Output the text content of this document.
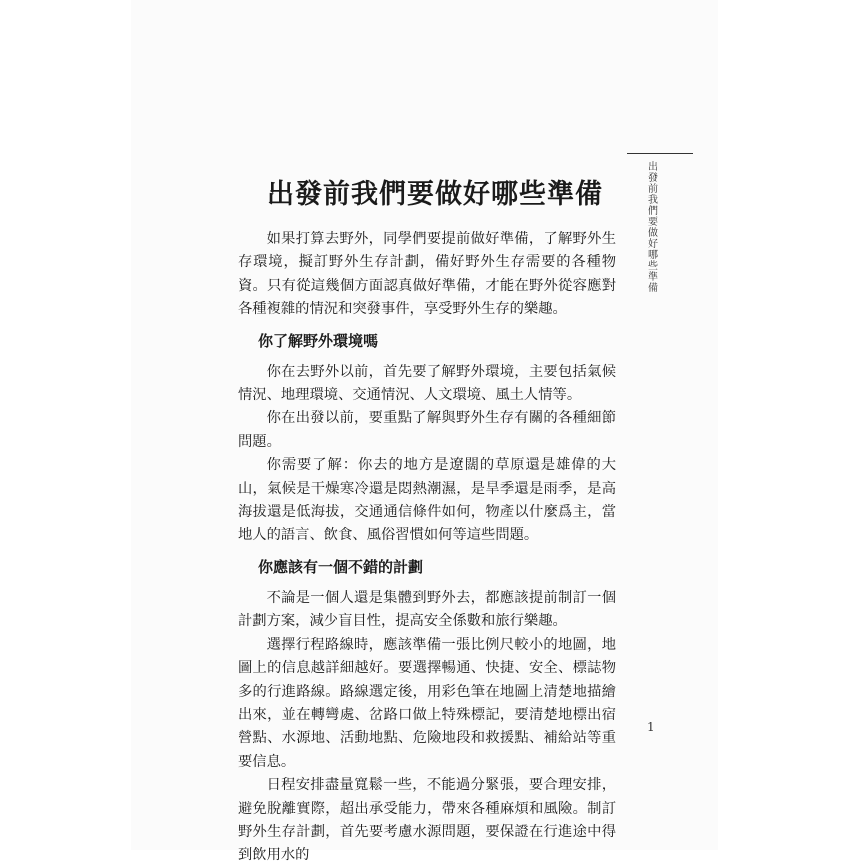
出發前我們要做好哪些準備
1
出發前我們要做好哪些準備

如果打算去野外，同學們要提前做好準備，了解野外生存環境，擬訂野外生存計劃，備好野外生存需要的各種物資。只有從這幾個方面認真做好準備，才能在野外從容應對各種複雜的情況和突發事件，享受野外生存的樂趣。

你了解野外環境嗎

你在去野外以前，首先要了解野外環境，主要包括氣候情況、地理環境、交通情況、人文環境、風土人情等。

你在出發以前，要重點了解與野外生存有關的各種細節問題。

你需要了解：你去的地方是遼闊的草原還是雄偉的大山，氣候是干燥寒冷還是悶熱潮濕，是旱季還是雨季，是高海拔還是低海拔，交通通信條件如何，物產以什麼爲主，當地人的語言、飲食、風俗習慣如何等這些問題。

你應該有一個不錯的計劃

不論是一個人還是集體到野外去，都應該提前制訂一個計劃方案，減少盲目性，提高安全係數和旅行樂趣。

選擇行程路線時，應該準備一張比例尺較小的地圖，地圖上的信息越詳細越好。要選擇暢通、快捷、安全、標誌物多的行進路線。路線選定後，用彩色筆在地圖上清楚地描繪出來，並在轉彎處、岔路口做上特殊標記，要清楚地標出宿營點、水源地、活動地點、危險地段和救援點、補給站等重要信息。

日程安排盡量寬鬆一些，不能過分緊張，要合理安排，避免脫離實際，超出承受能力，帶來各種麻煩和風險。制訂野外生存計劃，首先要考慮水源問題，要保證在行進途中得到飲用水的
